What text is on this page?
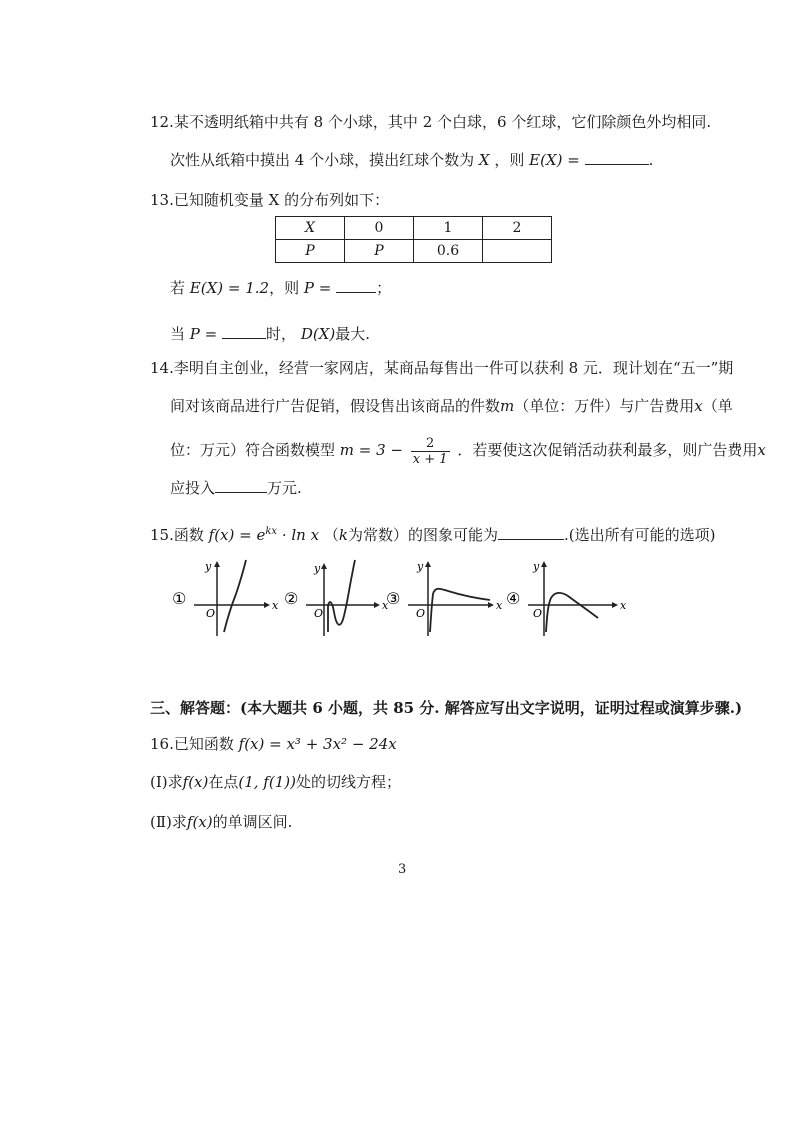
12.某不透明纸箱中共有 8 个小球，其中 2 个白球，6 个红球，它们除颜色外均相同.
次性从纸箱中摸出 4 个小球，摸出红球个数为 X ，则 E(X) =	.
13.已知随机变量 X 的分布列如下：
X	0	1	2
P	P	0.6	
若 E(X) = 1.2，则 P =	；
当 P =	时， D(X)最大.
14.李明自主创业，经营一家网店，某商品每售出一件可以获利 8 元．现计划在“五一”期
间对该商品进行广告促销，假设售出该商品的件数m（单位：万件）与广告费用x（单
位：万元）符合函数模型 $m = 3 - \frac{2}{x + 1}$ ．若要使这次促销活动获利最多，则广告费用x
应投入	万元.
15.函数 $f(x) = e^{kx} \cdot \ln x$ （k为常数）的图象可能为	.(选出所有可能的选项)
①
y
x
O
②
y
x
O
③
y
x
O
④
y
x
O
三、解答题：(本大题共 6 小题，共 85 分. 解答应写出文字说明，证明过程或演算步骤.)
16.已知函数 f(x) = x³ + 3x² − 24x
(Ⅰ)求f(x)在点(1, f(1))处的切线方程；
(Ⅱ)求f(x)的单调区间.
3
